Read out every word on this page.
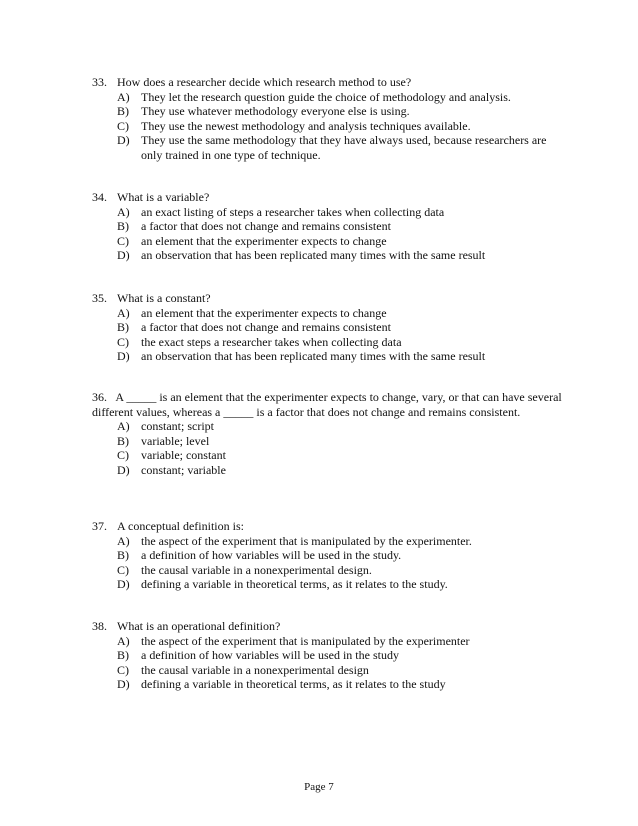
33. How does a researcher decide which research method to use?
A) They let the research question guide the choice of methodology and analysis.
B)	They use whatever methodology everyone else is using.
C)	They use the newest methodology and analysis techniques available.
D) They use the same methodology that they have always used, because researchers are only trained in one type of technique.
34. What is a variable?
A) an exact listing of steps a researcher takes when collecting data
B)	a factor that does not change and remains consistent
C)	an element that the experimenter expects to change
D) an observation that has been replicated many times with the same result
35. What is a constant?
A) an element that the experimenter expects to change
B)	a factor that does not change and remains consistent
C)	the exact steps a researcher takes when collecting data
D) an observation that has been replicated many times with the same result
36. A _____ is an element that the experimenter expects to change, vary, or that can have several different values, whereas a _____ is a factor that does not change and remains consistent.
A) constant; script
B)	variable; level
C)	variable; constant
D) constant; variable
37. A conceptual definition is:
A) the aspect of the experiment that is manipulated by the experimenter.
B)	a definition of how variables will be used in the study.
C)	the causal variable in a nonexperimental design.
D) defining a variable in theoretical terms, as it relates to the study.
38. What is an operational definition?
A) the aspect of the experiment that is manipulated by the experimenter
B)	a definition of how variables will be used in the study
C)	the causal variable in a nonexperimental design
D) defining a variable in theoretical terms, as it relates to the study
Page 7
